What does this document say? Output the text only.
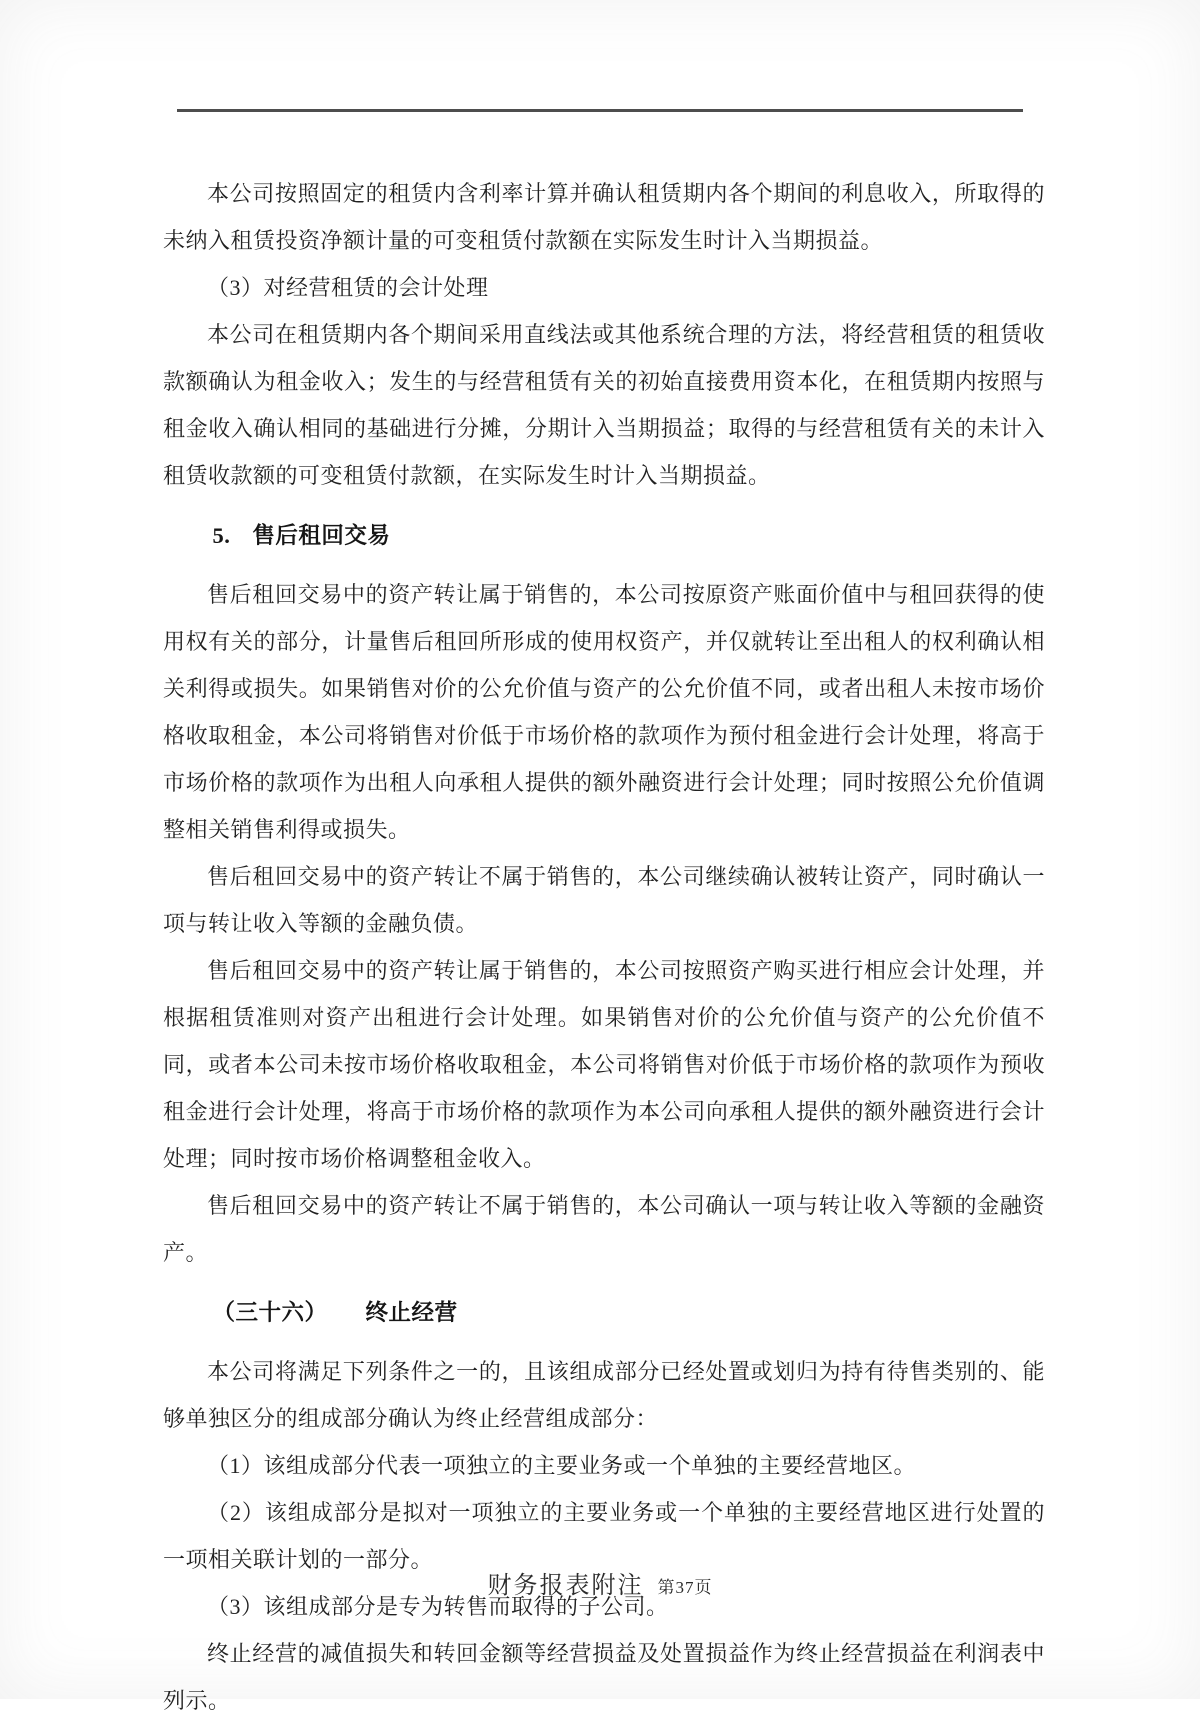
本公司按照固定的租赁内含利率计算并确认租赁期内各个期间的利息收入，所取得的未纳入租赁投资净额计量的可变租赁付款额在实际发生时计入当期损益。

（3）对经营租赁的会计处理

本公司在租赁期内各个期间采用直线法或其他系统合理的方法，将经营租赁的租赁收款额确认为租金收入；发生的与经营租赁有关的初始直接费用资本化，在租赁期内按照与租金收入确认相同的基础进行分摊，分期计入当期损益；取得的与经营租赁有关的未计入租赁收款额的可变租赁付款额，在实际发生时计入当期损益。

5. 售后租回交易

售后租回交易中的资产转让属于销售的，本公司按原资产账面价值中与租回获得的使用权有关的部分，计量售后租回所形成的使用权资产，并仅就转让至出租人的权利确认相关利得或损失。如果销售对价的公允价值与资产的公允价值不同，或者出租人未按市场价格收取租金，本公司将销售对价低于市场价格的款项作为预付租金进行会计处理，将高于市场价格的款项作为出租人向承租人提供的额外融资进行会计处理；同时按照公允价值调整相关销售利得或损失。

售后租回交易中的资产转让不属于销售的，本公司继续确认被转让资产，同时确认一项与转让收入等额的金融负债。

售后租回交易中的资产转让属于销售的，本公司按照资产购买进行相应会计处理，并根据租赁准则对资产出租进行会计处理。如果销售对价的公允价值与资产的公允价值不同，或者本公司未按市场价格收取租金，本公司将销售对价低于市场价格的款项作为预收租金进行会计处理，将高于市场价格的款项作为本公司向承租人提供的额外融资进行会计处理；同时按市场价格调整租金收入。

售后租回交易中的资产转让不属于销售的，本公司确认一项与转让收入等额的金融资产。

（三十六） 终止经营

本公司将满足下列条件之一的，且该组成部分已经处置或划归为持有待售类别的、能够单独区分的组成部分确认为终止经营组成部分：

（1）该组成部分代表一项独立的主要业务或一个单独的主要经营地区。

（2）该组成部分是拟对一项独立的主要业务或一个单独的主要经营地区进行处置的一项相关联计划的一部分。

（3）该组成部分是专为转售而取得的子公司。

终止经营的减值损失和转回金额等经营损益及处置损益作为终止经营损益在利润表中列示。

财务报表附注 第37页
